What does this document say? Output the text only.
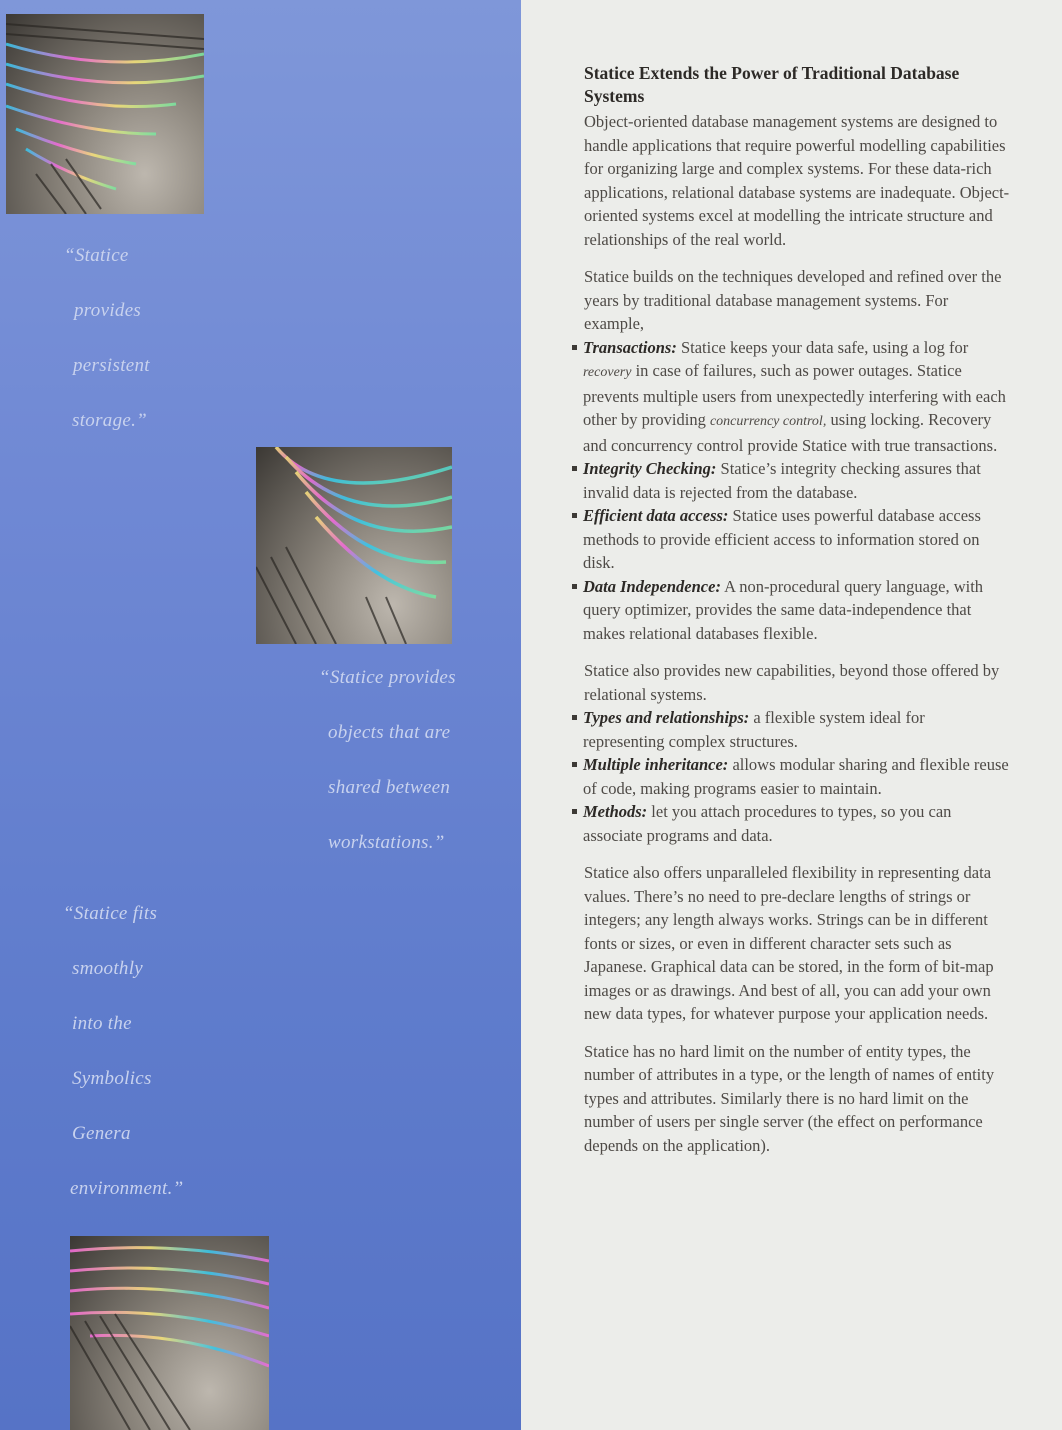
“Statice
provides
persistent
storage.”

“Statice provides
objects that are
shared between
workstations.”

“Statice fits
smoothly
into the
Symbolics
Genera
environment.”

Statice Extends the Power of Traditional Database Systems

Object-oriented database management systems are designed to handle applications that require powerful modelling capabilities for organizing large and complex systems. For these data-rich applications, relational database systems are inadequate. Object-oriented systems excel at modelling the intricate structure and relationships of the real world.

Statice builds on the techniques developed and refined over the years by traditional database management systems. For example,

Transactions: Statice keeps your data safe, using a log for recovery in case of failures, such as power outages. Statice prevents multiple users from unexpectedly interfering with each other by providing concurrency control, using locking. Recovery and concurrency control provide Statice with true transactions.
Integrity Checking: Statice’s integrity checking assures that invalid data is rejected from the database.
Efficient data access: Statice uses powerful database access methods to provide efficient access to information stored on disk.
Data Independence: A non-procedural query language, with query optimizer, provides the same data-independence that makes relational databases flexible.

Statice also provides new capabilities, beyond those offered by relational systems.

Types and relationships: a flexible system ideal for representing complex structures.
Multiple inheritance: allows modular sharing and flexible reuse of code, making programs easier to maintain.
Methods: let you attach procedures to types, so you can associate programs and data.

Statice also offers unparalleled flexibility in representing data values. There’s no need to pre-declare lengths of strings or integers; any length always works. Strings can be in different fonts or sizes, or even in different character sets such as Japanese. Graphical data can be stored, in the form of bit-map images or as drawings. And best of all, you can add your own new data types, for whatever purpose your application needs.

Statice has no hard limit on the number of entity types, the number of attributes in a type, or the length of names of entity types and attributes. Similarly there is no hard limit on the number of users per single server (the effect on performance depends on the application).
